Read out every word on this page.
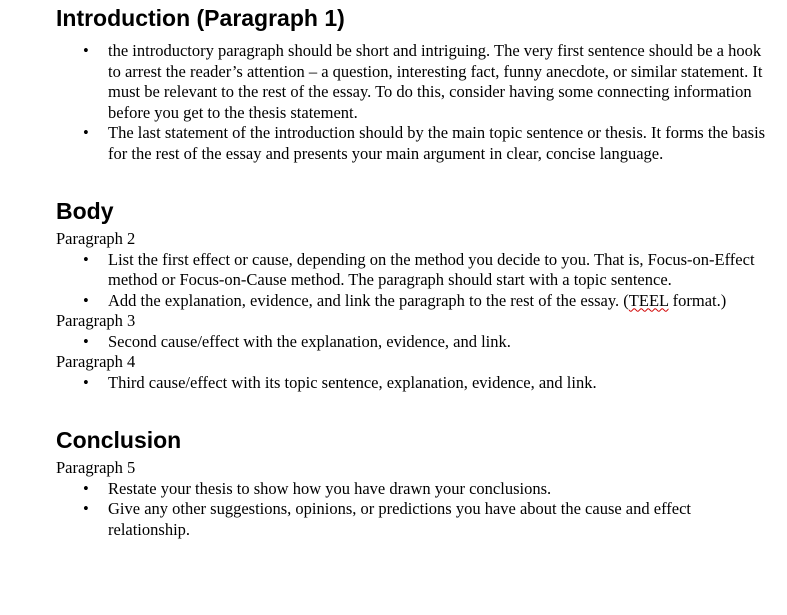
Introduction (Paragraph 1)
• the introductory paragraph should be short and intriguing. The very first sentence should be a hook to arrest the reader’s attention – a question, interesting fact, funny anecdote, or similar statement. It must be relevant to the rest of the essay. To do this, consider having some connecting information before you get to the thesis statement.
• The last statement of the introduction should by the main topic sentence or thesis. It forms the basis for the rest of the essay and presents your main argument in clear, concise language.
Body

Paragraph 2

• List the first effect or cause, depending on the method you decide to you. That is, Focus-on-Effect method or Focus-on-Cause method. The paragraph should start with a topic sentence.
• Add the explanation, evidence, and link the paragraph to the rest of the essay. (TEEL format.)

Paragraph 3

• Second cause/effect with the explanation, evidence, and link.

Paragraph 4

• Third cause/effect with its topic sentence, explanation, evidence, and link.
Conclusion

Paragraph 5

• Restate your thesis to show how you have drawn your conclusions.
• Give any other suggestions, opinions, or predictions you have about the cause and effect relationship.
